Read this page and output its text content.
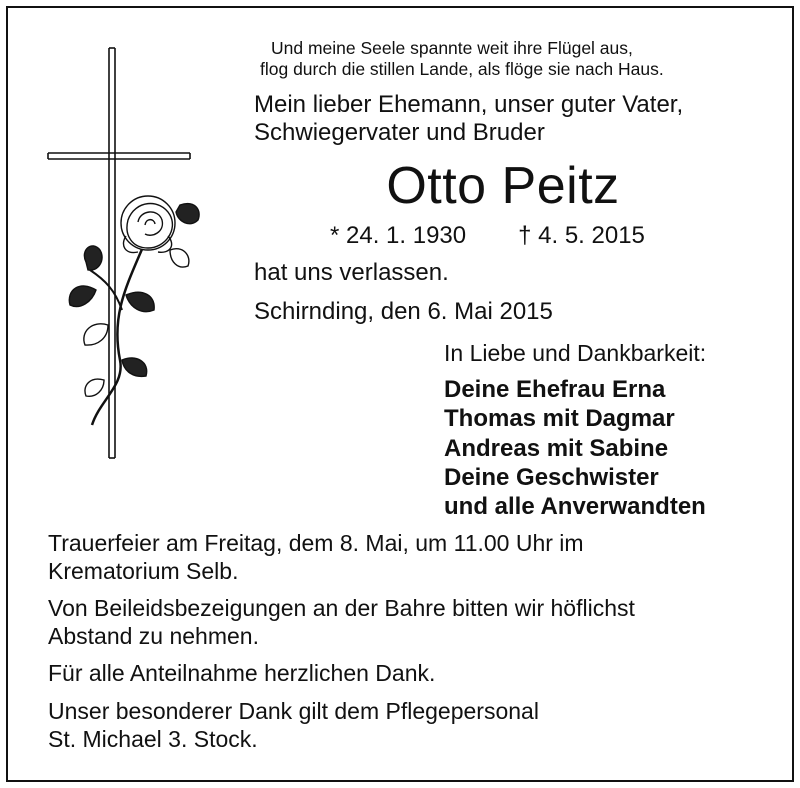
Und meine Seele spannte weit ihre Flügel aus,
flog durch die stillen Lande, als flöge sie nach Haus.
Mein lieber Ehemann, unser guter Vater,
Schwiegervater und Bruder
Otto Peitz
* 24. 1. 1930 † 4. 5. 2015
hat uns verlassen.
Schirnding, den 6. Mai 2015
In Liebe und Dankbarkeit:
Deine Ehefrau Erna
Thomas mit Dagmar
Andreas mit Sabine
Deine Geschwister
und alle Anverwandten

Trauerfeier am Freitag, dem 8. Mai, um 11.00 Uhr im
Krematorium Selb.

Von Beileidsbezeigungen an der Bahre bitten wir höflichst
Abstand zu nehmen.

Für alle Anteilnahme herzlichen Dank.

Unser besonderer Dank gilt dem Pflegepersonal
St. Michael 3. Stock.
